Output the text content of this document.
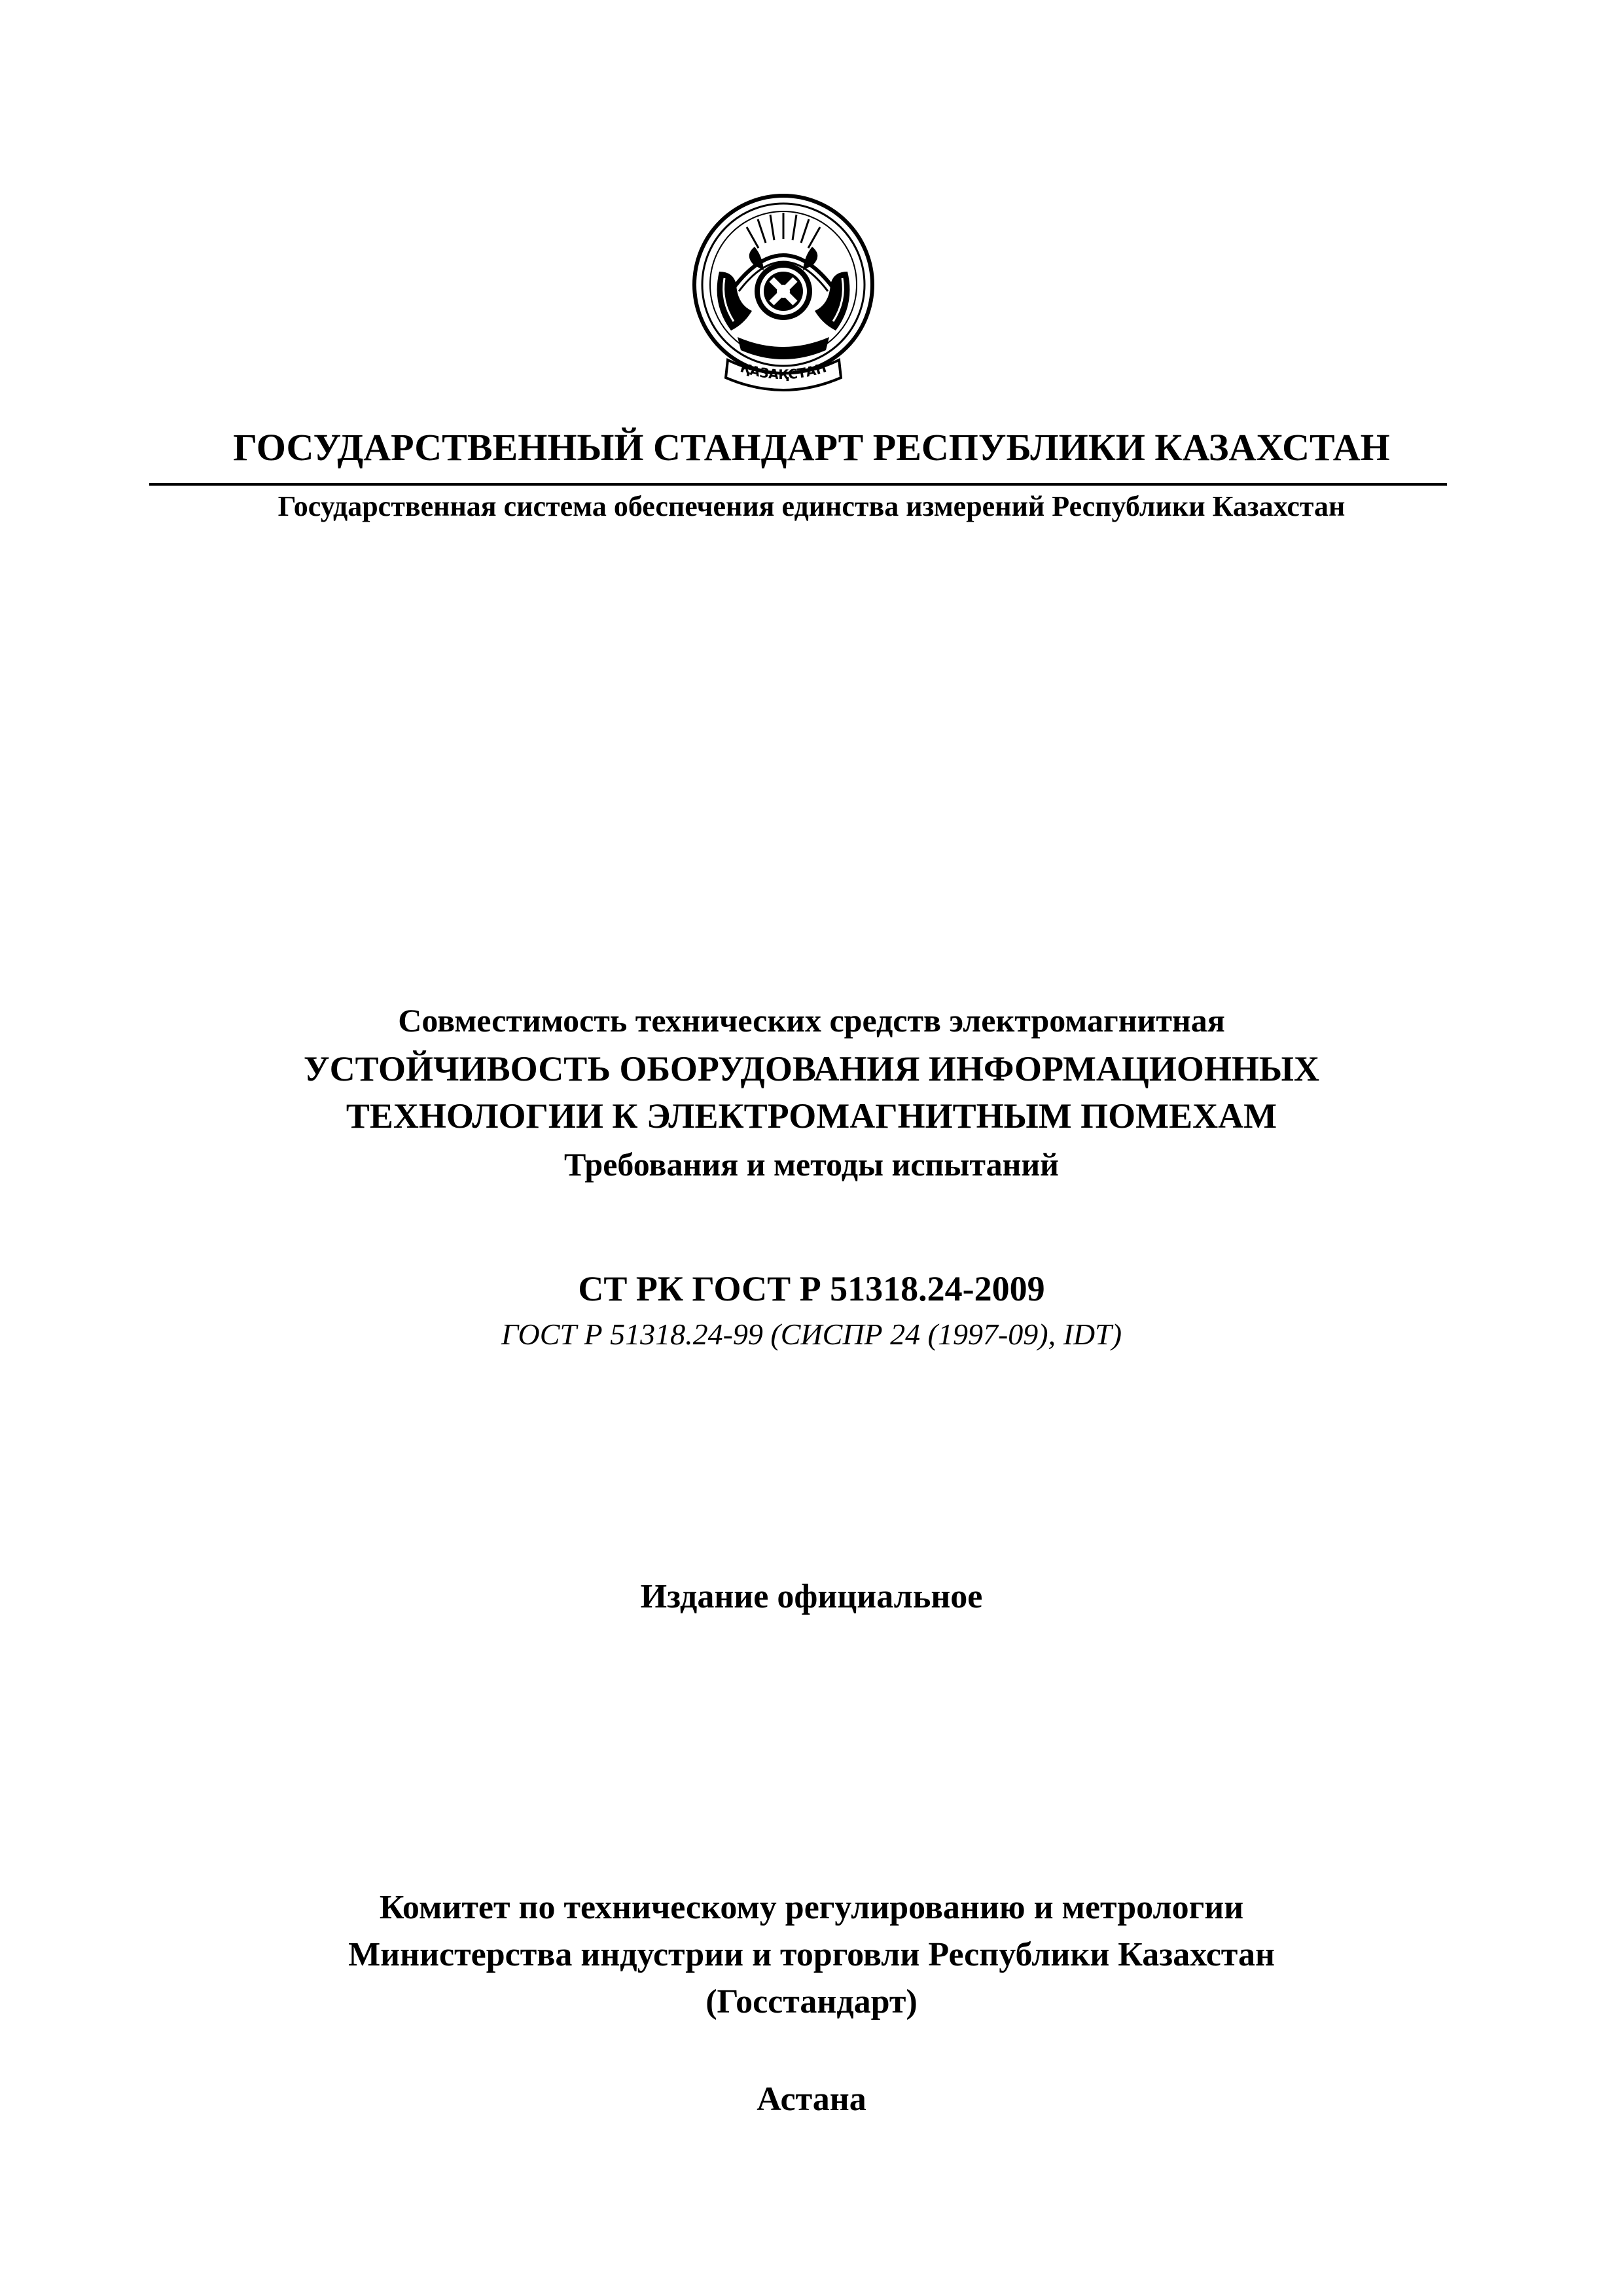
ҚАЗАҚСТАН
ГОСУДАРСТВЕННЫЙ СТАНДАРТ РЕСПУБЛИКИ КАЗАХСТАН
Государственная система обеспечения единства измерений Республики Казахстан
Совместимость технических средств электромагнитная
УСТОЙЧИВОСТЬ ОБОРУДОВАНИЯ ИНФОРМАЦИОННЫХ
ТЕХНОЛОГИИ К ЭЛЕКТРОМАГНИТНЫМ ПОМЕХАМ
Требования и методы испытаний
СТ РК ГОСТ Р 51318.24-2009
ГОСТ Р 51318.24-99 (СИСПР 24 (1997-09), IDT)
Издание официальное
Комитет по техническому регулированию и метрологии
Министерства индустрии и торговли Республики Казахстан
(Госстандарт)
Астана
